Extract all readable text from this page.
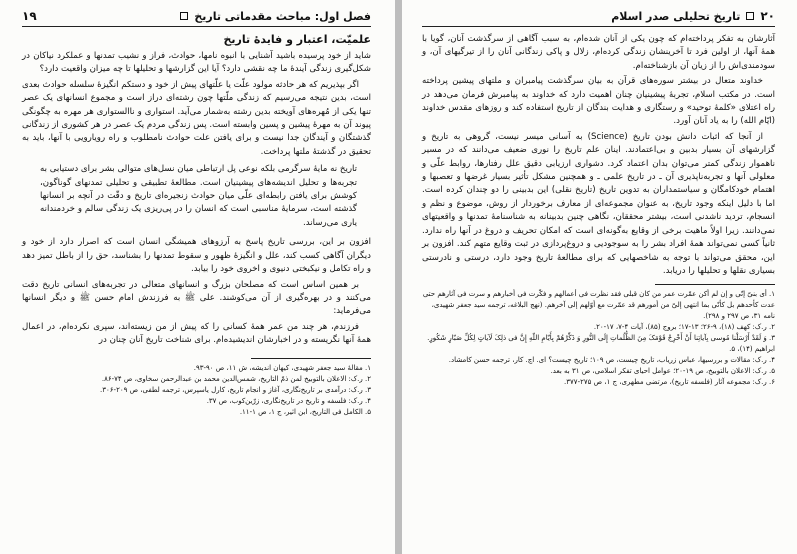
فصل اول: مباحث مقدماتی تاریخ
۱۹
علمیّت، اعتبار و فایدهٔ تاریخ

شاید از خود پرسیده باشید آشنایی با انبوه نامها، حوادث، فراز و نشیب تمدنها و عملکرد نیاکان در شکل‌گیری زندگی آیندهٔ ما چه نقشی دارد؟ آیا این گزارشها و تحلیلها تا چه میزان واقعیت دارد؟

اگر بپذیریم که هر حادثه مولود علّت یا علّتهای پیش از خود و دستکم انگیزهٔ سلسله حوادث بعدی است، بدین نتیجه می‌رسیم که زندگی ملّتها چون رشته‌ای دراز است و مجموع انسانهای یک عصر تنها یکی از مُهره‌های آویخته بدین رشته به‌شمار می‌آید. استواری و ناالستواری هر مهره به چگونگی پیوند آن به مهرهٔ پیشین و پسین وابسته است. پس زندگی مردم یک عصر در هر کشوری از زندگانی گذشتگان و آیندگان جدا نیست و برای یافتن علت حوادث نامطلوب و راه رویارویی با آنها، باید به تحقیق در گذشتهٔ ملتها پرداخت.

تاریخ نه مایهٔ سرگرمی بلکه نوعی پل ارتباطی میان نسل‌های متوالی بشر برای دستیابی به تجربه‌ها و تحلیل اندیشه‌های پیشینیان است. مطالعهٔ تطبیقی و تحلیلی تمدنهای گوناگون، کوشش برای یافتن رابطه‌ای علّی میان حوادث زنجیره‌ای تاریخ و دقّت در آنچه بر انسانها گذشته است، سرمایهٔ مناسبی است که انسان را در پی‌ریزی یک زندگی سالم و خردمندانه یاری می‌رساند.

افزون بر این، بررسی تاریخ پاسخ به آرزوهای همیشگی انسان است که اصرار دارد از خود و دیگران آگاهی کسب کند، علل و انگیزهٔ ظهور و سقوط تمدنها را بشناسد، حق را از باطل تمیز دهد و راه تکامل و نیکبختی دنیوی و اخروی خود را بیابد.

بر همین اساس است که مصلحان بزرگ و انسانهای متعالی در تجربه‌های انسانی تاریخ دقت می‌کنند و در بهره‌گیری از آن می‌کوشند. علی ﷺ به فرزندش امام حسن ﷺ و دیگر انسانها می‌فرماید:

فرزندم، هر چند من عمر همهٔ کسانی را که پیش از من زیسته‌اند، سپری نکرده‌ام، در اعمال همهٔ آنها نگریسته و در اخبارشان اندیشیده‌ام. برای شناخت تاریخ آنان چنان در

۱. مقالهٔ سید جعفر شهیدی، کیهان اندیشه، ش ۱۱، ص ۹۰-۹۳.

۲. ر.ک: الاعلان بالتوبیخ لمن ذمّ التاریخ، شمس‌الدین محمد بن عبدالرحمن سخاوی، ص ۷۴-۸۶.

۳. ر.ک: درآمدی بر تاریخ‌نگاری، آغاز و انجام تاریخ، کارل یاسپرس، ترجمه لطفی، ص ۲۰۹-۳۰۶.

۴. ر.ک: فلسفه و تاریخ در تاریخ‌نگاری، زرّین‌کوب، ص ۳۷.

۵. الکامل فی التاریخ، ابن اثیر، ج ۱، ص ۱-۱۱.

۲۰
تاریخ تحلیلی صدر اسلام

آثارشان به تفکر پرداخته‌ام که چون یکی از آنان شده‌ام، به سبب آگاهی از سرگذشت آنان، گویا با همهٔ آنها، از اولین فرد تا آخرینشان زندگی کرده‌ام، زلال و پاکی زندگانی آنان را از تیرگیهای آن، و سودمندی‌اش را از زیان آن بازشناخته‌ام.

خداوند متعال در بیشتر سوره‌های قرآن به بیان سرگذشت پیامبران و ملتهای پیشین پرداخته است. در مکتب اسلام، تجربهٔ پیشینیان چنان اهمیت دارد که خداوند به پیامبرش فرمان می‌دهد در راه اعتلای «کلمهٔ توحید» و رستگاری و هدایت بندگان از تاریخ استفاده کند و روزهای مقدس خداوند (ایّام الله) را به یاد آنان آورد.

از آنجا که اثبات دانش بودن تاریخ (Science) به آسانی میسر نیست، گروهی به تاریخ و گزارشهای آن بسیار بدبین و بی‌اعتمادند. اینان علم تاریخ را نوری ضعیف می‌دانند که در مسیر ناهموار زندگی کمتر می‌توان بدان اعتماد کرد. دشواری ارزیابی دقیق علل رفتارها، روابط علّی و معلولی آنها و تجربه‌ناپذیری آن ـ در تاریخ علمی ـ و همچنین مشکل تأثیر بسیار غرضها و تعصبها و اهتمام خودکامگان و سیاستمداران به تدوین تاریخ (تاریخ نقلی) این بدبینی را دو چندان کرده است. اما با دلیل اینکه وجود تاریخ، به عنوان مجموعه‌ای از معارف برخوردار از روش، موضوع و نظم و انسجام، تردید ناشدنی است، بیشتر محققان، نگاهی چنین بدبینانه به شناسنامهٔ تمدنها و واقعیتهای نمی‌دانند. زیرا اولاً ماهیت برخی از وقایع به‌گونه‌ای است که امکان تحریف و دروغ در آنها راه ندارد. ثانیاً کسی نمی‌تواند همهٔ افراد بشر را به سوجودیی و دروغ‌پردازی در ثبت وقایع متهم کند. افزون بر این، محقق می‌تواند با توجه به شاخصهایی که برای مطالعهٔ تاریخ وجود دارد، درستی و نادرستی بسیاری نقلها و تحلیلها را دریابد.

۱. أی بنیّ إنّی و إن لم أکن عمّرت عمر من کان قبلی فقد نظرت فی أعمالهم و فکّرت فی أخبارهم و سرت فی آثارهم حتی عدت کأحدهم بل کأنّی بما انتهی إلیّ من أمورهم قد عمّرت مع أوّلهم إلی آخرهم. (نهج البلاغه، ترجمه سید جعفر شهیدی، نامه ۳۱، ص ۲۹۷ و ۲۹۸).

۲. ر.ک: کهف (۱۸)، ۹-۲۶؛ ۱۳-۱۷؛ بروج (۸۵)، آیات ۴-۷، ۱۷-۲۰.

۳. وَ لَقَدْ أَرْسَلْنا مُوسی بِآیاتِنا أَنْ أَخْرِجْ قَوْمَکَ مِنَ الظُّلُماتِ إِلَی النُّورِ وَ ذَکِّرْهُمْ بِأَیّامِ اللّهِ إِنَّ فی ذلِکَ لَآیاتٍ لِکُلِّ صَبّارٍ شَکُورٍ. ابراهیم (۱۴)، ۵.

۴. ر.ک: مقالات و بررسیها، عباس زریاب، تاریخ چیست، ص ۱۰۹؛ تاریخ چیست؟ ای. اچ. کار، ترجمه حسن کامشاد.

۵. ر.ک: الاعلان بالتوبیخ، ص ۱۹-۲۰؛ عوامل احیای تفکر اسلامی، ص ۳۱ به بعد.

۶. ر.ک: مجموعه آثار (فلسفه تاریخ)، مرتضی مطهری، ج ۱، ص ۲۷۵-۳۷۷.
